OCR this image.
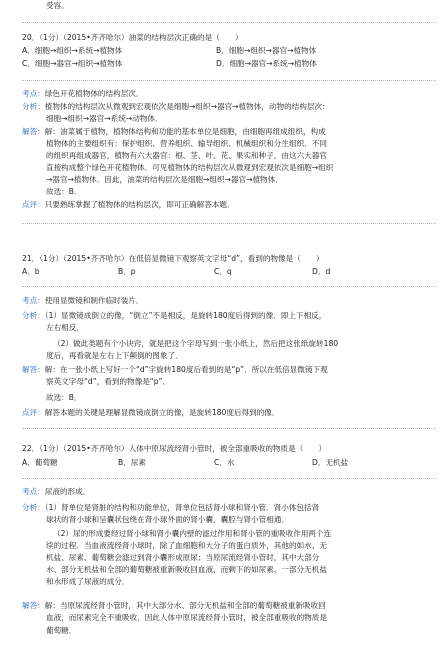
受容。
20．（1分）（2015•齐齐哈尔）油菜的结构层次正确的是（　　）
A．细胞→组织→系统→植物体	B．细胞→组织→器官→植物体
C．细胞→器官→组织→植物体	D．细胞→器官→系统→植物体
考点：绿色开花植物体的结构层次．
分析：植物体的结构层次从微观到宏观依次是细胞→组织→器官→植物体，动物的结构层次：
细胞→组织→器官→系统→动物体．
解答：解：油菜属于植物，植物体结构和功能的基本单位是细胞，由细胞再组成组织，构成
植物体的主要组织有：保护组织、营养组织、输导组织、机械组织和分生组织．不同
的组织再组成器官，植物有六大器官：根、茎、叶、花、果实和种子，由这六大器官
直接构成整个绿色开花植物体．可见植物体的结构层次从微观到宏观依次是细胞→组织
→器官→植物体．因此，油菜的结构层次是细胞→组织→器官→植物体．
故选：B．
点评：只要熟练掌握了植物体的结构层次，即可正确解答本题．
21．（1分）（2015•齐齐哈尔）在低倍显微镜下观察英文字母“d”，看到的物像是（　　）
A．b	B．p	C．q	D．d
考点：使用显微镜和制作临时装片．
分析：（1）显微镜成倒立的像，“倒立”不是相反，是旋转180度后得到的像．即上下相反，
左右相反．
（2）做此类题有个小诀窍，就是把这个字母写到一张小纸上，然后把这张纸旋转180
度后，再看就是左右上下颠倒的图象了．
解答：解：在一张小纸上写好一个“d”字旋转180度后看到的是“p”．所以在低倍显微镜下观
察英文字母“d”，看到的物像是“p”．
故选：B．
点评：解答本题的关键是理解显微镜成倒立的像，是旋转180度后得到的像．
22．（1分）（2015•齐齐哈尔）人体中原尿流经肾小管时，被全部重吸收的物质是（　　）
A．葡萄糖	B．尿素	C．水	D．无机盐
考点：尿液的形成．
分析：（1）肾单位是肾脏的结构和功能单位，肾单位包括肾小球和肾小管．肾小体包括肾
球状的肾小球和呈囊状包绕在肾小球外面的肾小囊，囊腔与肾小管相通．
（2）尿的形成要经过肾小球和肾小囊内壁的滤过作用和肾小管的重吸收作用两个连
续的过程．当血液流经肾小球时，除了血细胞和大分子的蛋白质外，其他的如水、无
机盐、尿素、葡萄糖会滤过到肾小囊形成原尿；当原尿流经肾小管时，其中大部分
水、部分无机盐和全部的葡萄糖被重新吸收回血液，而剩下的如尿素、一部分无机盐
和水形成了尿液的成分．
解答：解：当原尿流经肾小管时，其中大部分水、部分无机盐和全部的葡萄糖被重新吸收回
血液，而尿素完全不重吸收．因此人体中原尿流经肾小管时，被全部重吸收的物质是
葡萄糖．
